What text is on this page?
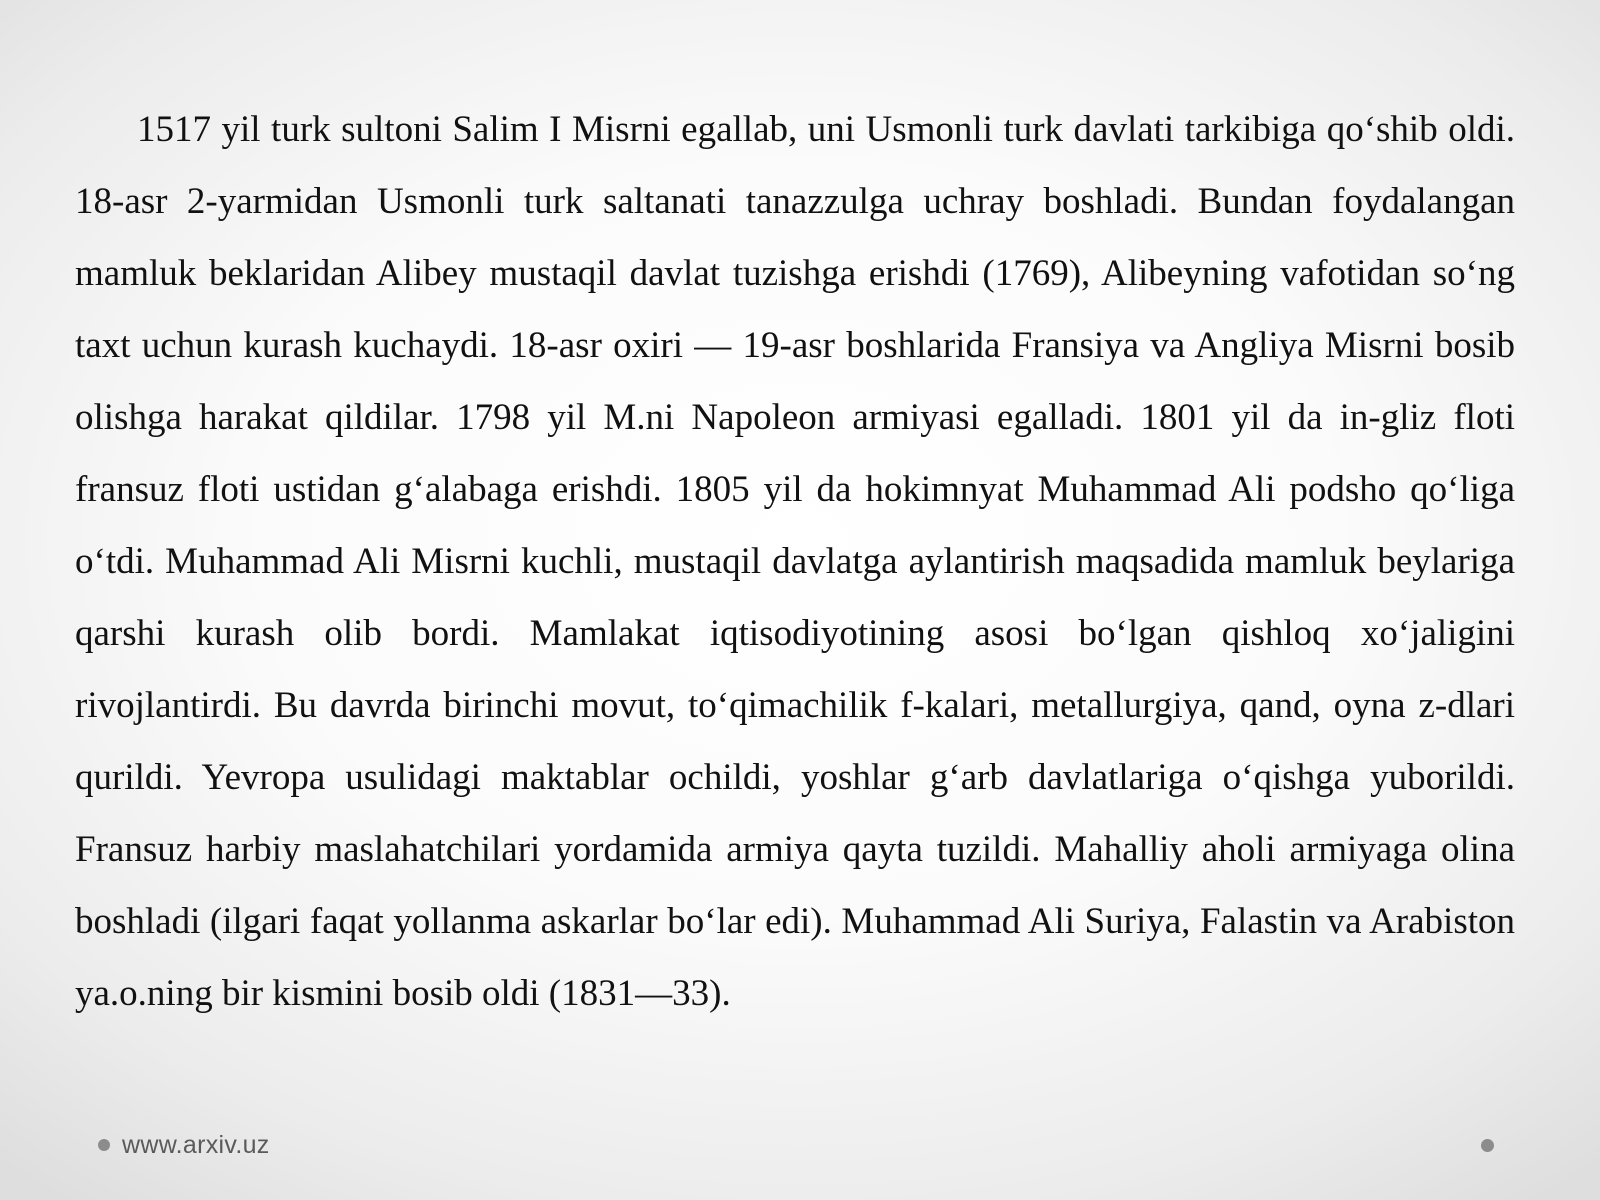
1517 yil turk sultoni Salim I Misrni egallab, uni Usmonli turk davlati tarkibiga qo‘shib oldi. 18-asr 2-yarmidan Usmonli turk saltanati tanazzulga uchray boshladi. Bundan foydalangan mamluk beklaridan Alibey mustaqil davlat tuzishga erishdi (1769), Alibeyning vafotidan so‘ng taxt uchun kurash kuchaydi. 18-asr oxiri — 19-asr boshlarida Fransiya va Angliya Misrni bosib olishga harakat qildilar. 1798 yil M.ni Napoleon armiyasi egalladi. 1801 yil da in-gliz floti fransuz floti ustidan g‘alabaga erishdi. 1805 yil da hokimnyat Muhammad Ali podsho qo‘liga o‘tdi. Muhammad Ali Misrni kuchli, mustaqil davlatga aylantirish maqsadida mamluk beylariga qarshi kurash olib bordi. Mamlakat iqtisodiyotining asosi bo‘lgan qishloq xo‘jaligini rivojlantirdi. Bu davrda birinchi movut, to‘qimachilik f-kalari, metallurgiya, qand, oyna z-dlari qurildi. Yevropa usulidagi maktablar ochildi, yoshlar g‘arb davlatlariga o‘qishga yuborildi. Fransuz harbiy maslahatchilari yordamida armiya qayta tuzildi. Mahalliy aholi armiyaga olina boshladi (ilgari faqat yollanma askarlar bo‘lar edi). Muhammad Ali Suriya, Falastin va Arabiston ya.o.ning bir kismini bosib oldi (1831—33).

www.arxiv.uz
